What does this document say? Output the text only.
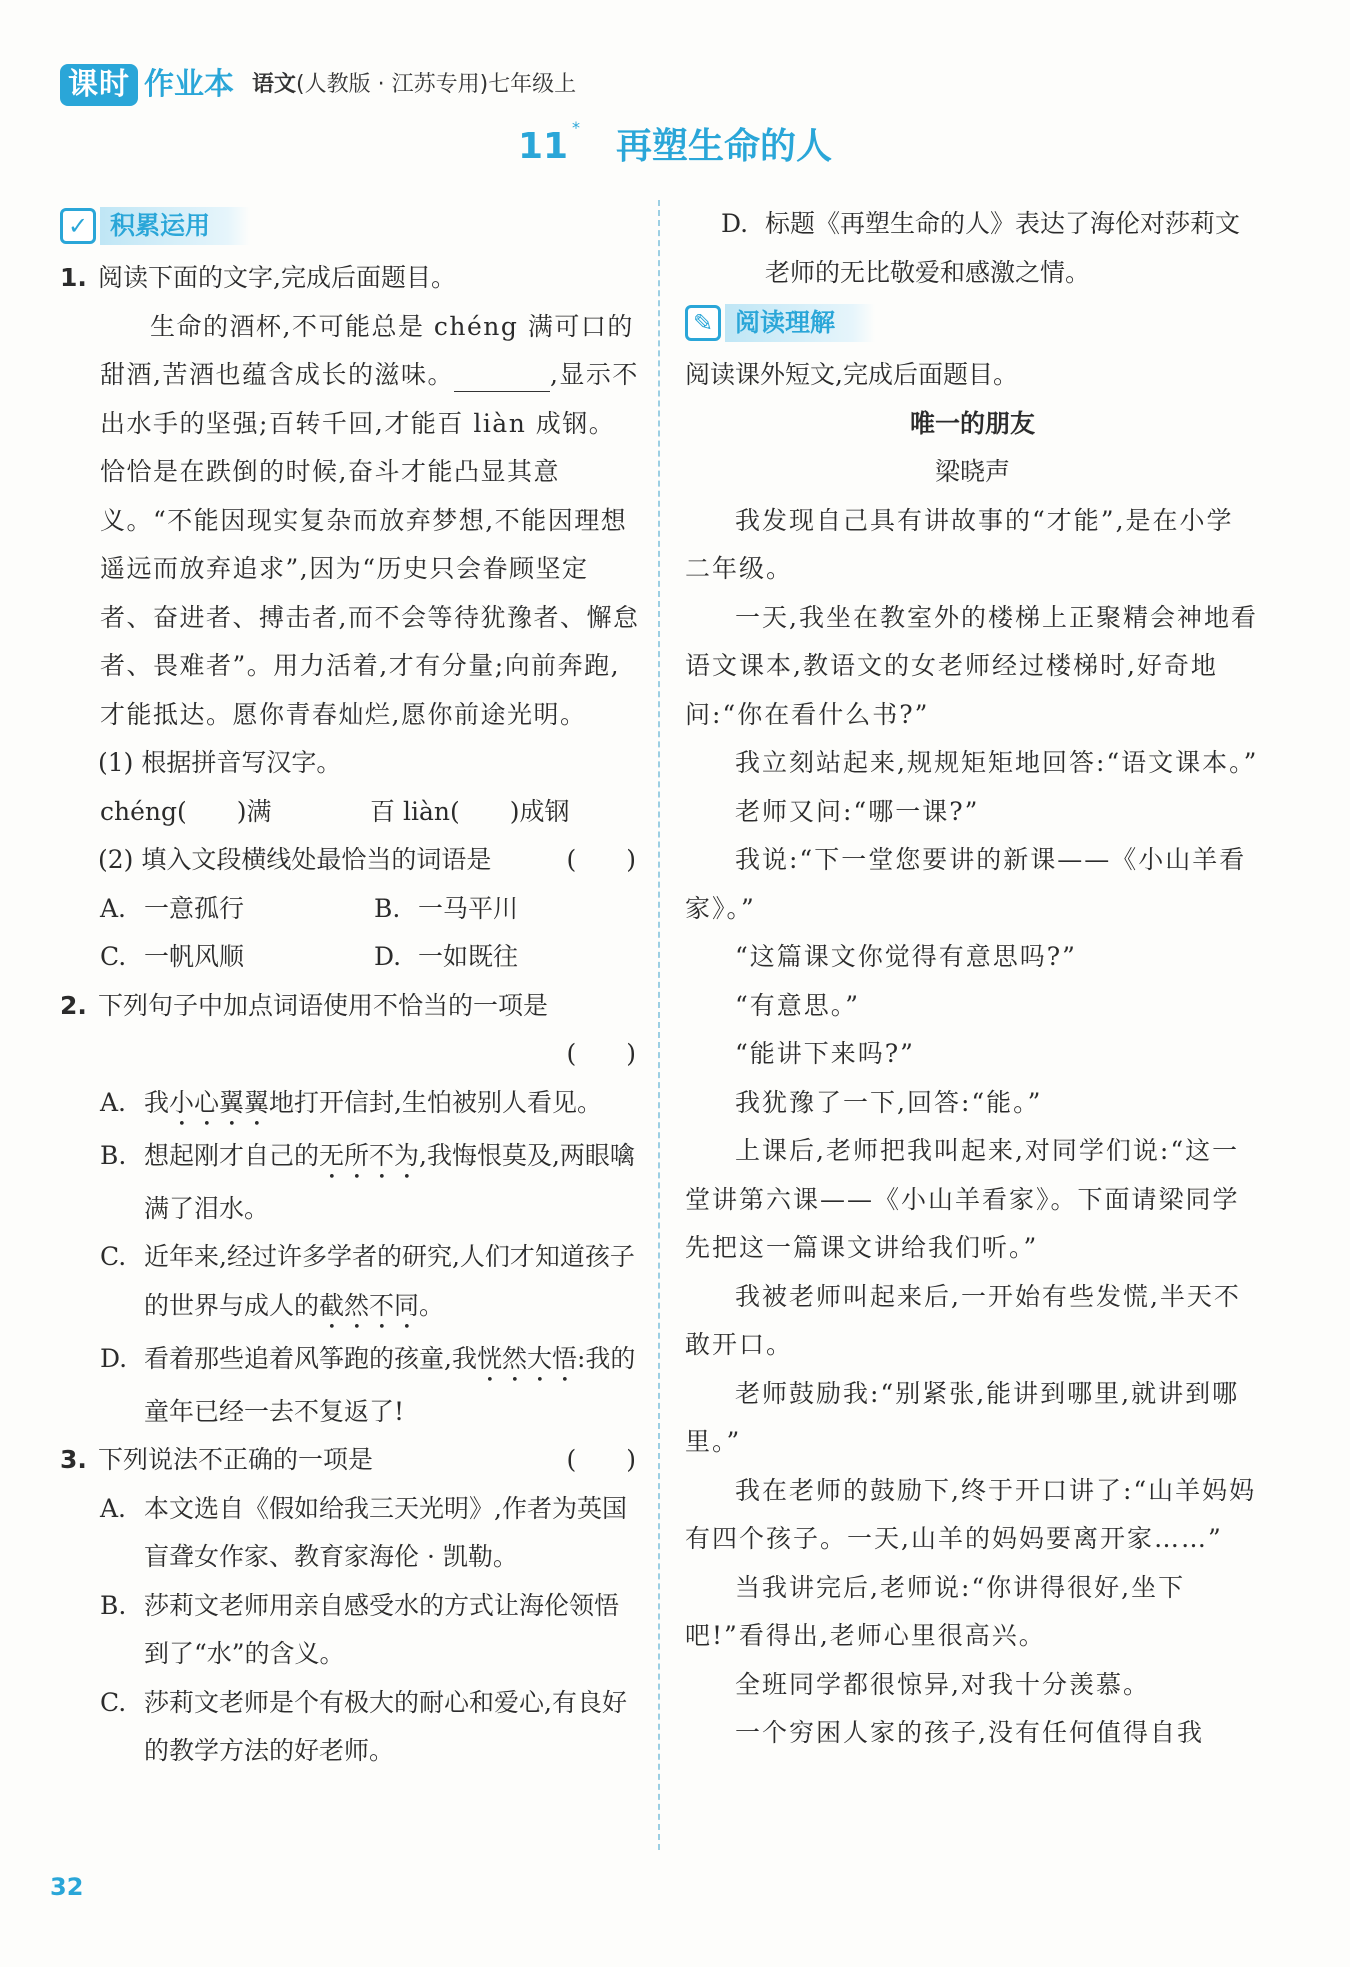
课时 作业本 语文(人教版 · 江苏专用)七年级上
11 * 再塑生命的人
✓ 积累运用
1. 阅读下面的文字,完成后面题目。

生命的酒杯,不可能总是 chéng 满可口的甜酒,苦酒也蕴含成长的滋味。	,显示不出水手的坚强;百转千回,才能百 liàn 成钢。恰恰是在跌倒的时候,奋斗才能凸显其意义。“不能因现实复杂而放弃梦想,不能因理想遥远而放弃追求”,因为“历史只会眷顾坚定者、奋进者、搏击者,而不会等待犹豫者、懈怠者、畏难者”。用力活着,才有分量;向前奔跑,才能抵达。愿你青春灿烂,愿你前途光明。

(1) 根据拼音写汉字。

chéng(　　)满	百 liàn(　　)成钢

(2) 填入文段横线处最恰当的词语是	(　　)

A. 一意孤行	B. 一马平川
C. 一帆风顺	D. 一如既往
2. 下列句子中加点词语使用不恰当的一项是

(　　)

A. 我小心翼翼地打开信封,生怕被别人看见。

B. 想起刚才自己的无所不为,我悔恨莫及,两眼噙满了泪水。

C. 近年来,经过许多学者的研究,人们才知道孩子的世界与成人的截然不同。

D. 看着那些追着风筝跑的孩童,我恍然大悟:我的童年已经一去不复返了!

3. 下列说法不正确的一项是	(　　)

A. 本文选自《假如给我三天光明》,作者为英国盲聋女作家、教育家海伦 · 凯勒。

B. 莎莉文老师用亲自感受水的方式让海伦领悟到了“水”的含义。

C. 莎莉文老师是个有极大的耐心和爱心,有良好的教学方法的好老师。

D. 标题《再塑生命的人》表达了海伦对莎莉文老师的无比敬爱和感激之情。

✎ 阅读理解

阅读课外短文,完成后面题目。

唯一的朋友

梁晓声

我发现自己具有讲故事的“才能”,是在小学二年级。

一天,我坐在教室外的楼梯上正聚精会神地看语文课本,教语文的女老师经过楼梯时,好奇地问:“你在看什么书?”

我立刻站起来,规规矩矩地回答:“语文课本。”

老师又问:“哪一课?”

我说:“下一堂您要讲的新课——《小山羊看家》。”

“这篇课文你觉得有意思吗?”

“有意思。”

“能讲下来吗?”

我犹豫了一下,回答:“能。”

上课后,老师把我叫起来,对同学们说:“这一堂讲第六课——《小山羊看家》。下面请梁同学先把这一篇课文讲给我们听。”

我被老师叫起来后,一开始有些发慌,半天不敢开口。

老师鼓励我:“别紧张,能讲到哪里,就讲到哪里。”

我在老师的鼓励下,终于开口讲了:“山羊妈妈有四个孩子。一天,山羊的妈妈要离开家……”

当我讲完后,老师说:“你讲得很好,坐下吧!”看得出,老师心里很高兴。

全班同学都很惊异,对我十分羡慕。

一个穷困人家的孩子,没有任何值得自我

32
